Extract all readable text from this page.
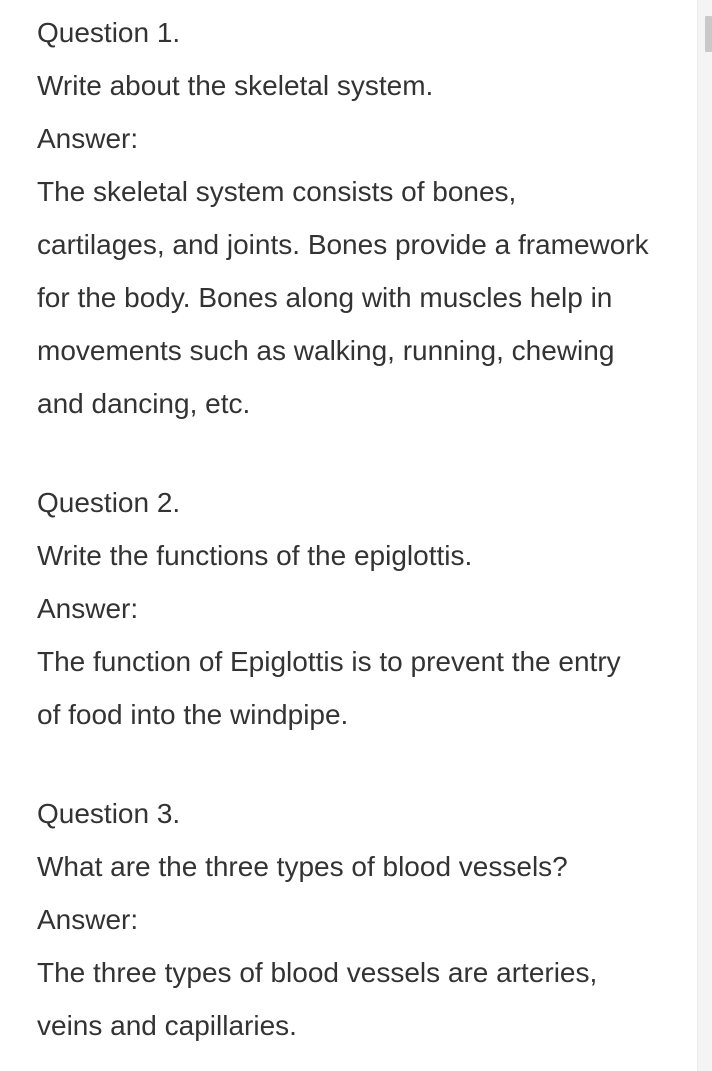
Question 1.

Write about the skeletal system.

Answer:

The skeletal system consists of bones,

cartilages, and joints. Bones provide a framework

for the body. Bones along with muscles help in

movements such as walking, running, chewing

and dancing, etc.

Question 2.

Write the functions of the epiglottis.

Answer:

The function of Epiglottis is to prevent the entry

of food into the windpipe.

Question 3.

What are the three types of blood vessels?

Answer:

The three types of blood vessels are arteries,

veins and capillaries.
